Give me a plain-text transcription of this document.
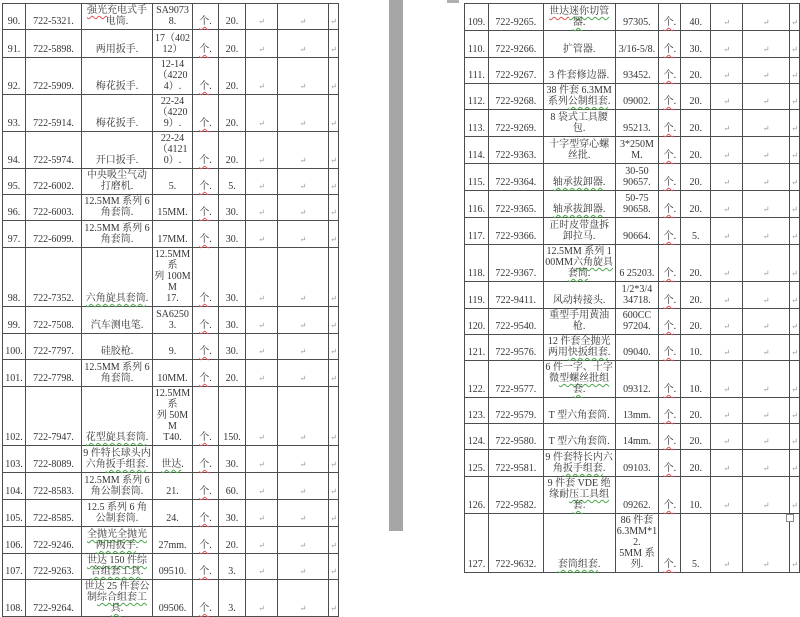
90.	722-5321.	强光充电式手电筒.	SA90738.	个.	20.	↵	↵	↵
91.	722-5898.	两用扳手.	17（40212）	个.	20.	↵	↵	↵
92.	722-5909.	梅花扳手.	12-14
（42204）.	个.	20.	↵	↵	↵
93.	722-5914.	梅花扳手.	22-24
（42209）.	个.	20.	↵	↵	↵
94.	722-5974.	开口扳手.	22-24
（41210）.	个.	20.	↵	↵	↵
95.	722-6002.	中央吸尘气动打磨机.	5.	个.	5.	↵	↵	↵
96.	722-6003.	12.5MM 系列 6 角套筒.	15MM.	个.	30.	↵	↵	↵
97.	722-6099.	12.5MM 系列 6 角套筒.	17MM.	个.	30.	↵	↵	↵
98.	722-7352.	六角旋具套筒.	12.5MM 系
列 100MM
17.	个.	30.	↵	↵	↵
99.	722-7508.	汽车测电笔.	SA62503.	个.	30.	↵	↵	↵
100.	722-7797.	硅胶枪.	9.	个.	30.	↵	↵	↵
101.	722-7798.	12.5MM 系列 6 角套筒.	10MM.	个.	20.	↵	↵	↵
102.	722-7947.	花型旋具套筒.	12.5MM 系
列 50MM
T40.	个.	150.	↵	↵	↵
103.	722-8089.	9 件特长球头内六角扳手组套.	世达.	个.	30.	↵	↵	↵
104.	722-8583.	12.5MM 系列 6 角公制套筒.	21.	个.	60.	↵	↵	↵
105.	722-8585.	12.5 系列 6 角公制套筒.	24.	个.	30.	↵	↵	↵
106.	722-9246.	全抛光全抛光两用扳手.	27mm.	个.	20.	↵	↵	↵
107.	722-9263.	世达 150 件综合组套工具.	09510.	个.	3.	↵	↵	↵
108.	722-9264.	世达 25 件套公制综合组套工具.	09506.	个.	3.	↵	↵	↵
109.	722-9265.	世达迷你切管器.	97305.	个.	40.	↵	↵	↵
110.	722-9266.	扩管器.	3/16-5/8.	个.	30.	↵	↵	↵
111.	722-9267.	3 件套修边器.	93452.	个.	20.	↵	↵	↵
112.	722-9268.	38 件套 6.3MM 系列公制组套.	09002.	个.	20.	↵	↵	↵
113.	722-9269.	8 袋式工具腰包.	95213.	个.	20.	↵	↵	↵
114.	722-9363.	十字型穿心螺丝批.	3*250MM.	个.	20.	↵	↵	↵
115.	722-9364.	轴承拔卸器.	30-50
90657.	个.	20.	↵	↵	↵
116.	722-9365.	轴承拔卸器.	50-75
90658.	个.	20.	↵	↵	↵
117.	722-9366.	正时皮带盘拆卸拉马.	90664.	个.	5.	↵	↵	↵
118.	722-9367.	12.5MM 系列 100MM六角旋具套筒.	6 25203.	个.	20.	↵	↵	↵
119.	722-9411.	风动转接头.	1/2*3/4
34718.	个.	20.	↵	↵	↵
120.	722-9540.	重型手用黄油枪.	600CC
97204.	个.	20.	↵	↵	↵
121.	722-9576.	12 件套全抛光两用快扳组套.	09040.	个.	10.	↵	↵	↵
122.	722-9577.	6 件一字、十字微型螺丝批组套.	09312.	个.	10.	↵	↵	↵
123.	722-9579.	T 型六角套筒.	13mm.	个.	20.	↵	↵	↵
124.	722-9580.	T 型六角套筒.	14mm.	个.	20.	↵	↵	↵
125.	722-9581.	9 件套特长内六角扳手组套.	09103.	个.	20.	↵	↵	↵
126.	722-9582.	9 件套 VDE 绝缘耐压工具组套.	09262.	个.	10.	↵	↵	↵
127.	722-9632.	套筒组套.	86 件套
6.3MM*12.
5MM 系列.	个.	5.	↵	↵	↵
